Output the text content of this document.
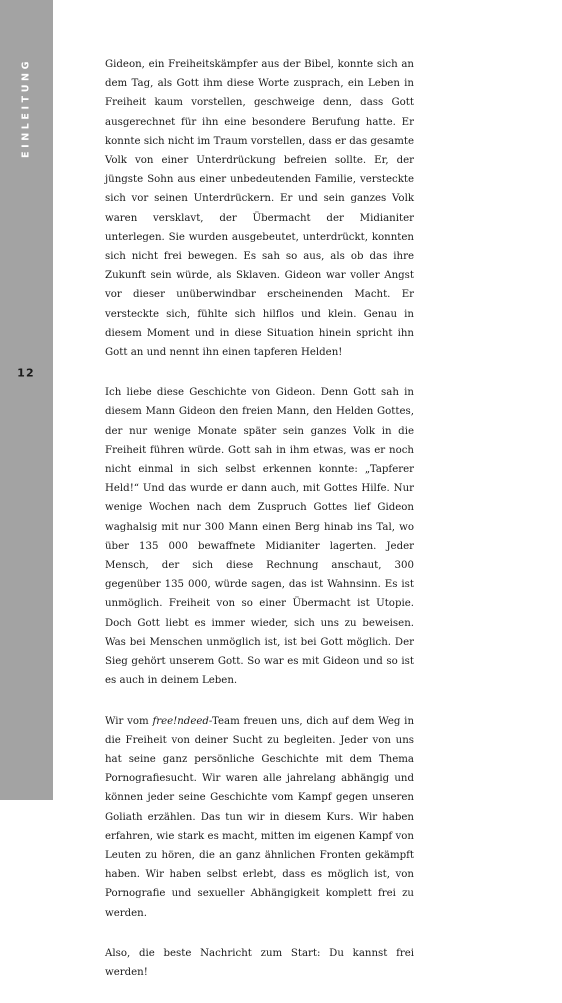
EINLEITUNG
12

Gideon, ein Freiheitskämpfer aus der Bibel, konnte sich an dem Tag, als Gott ihm diese Worte zusprach, ein Leben in Freiheit kaum vorstellen, geschweige denn, dass Gott ausgerechnet für ihn eine besondere Berufung hatte. Er konnte sich nicht im Traum vorstellen, dass er das gesamte Volk von einer Unterdrückung befreien sollte. Er, der jüngste Sohn aus einer unbedeutenden Familie, versteckte sich vor seinen Unterdrückern. Er und sein ganzes Volk waren versklavt, der Übermacht der Midianiter unterlegen. Sie wurden ausgebeutet, unterdrückt, konnten sich nicht frei bewegen. Es sah so aus, als ob das ihre Zukunft sein würde, als Sklaven. Gideon war voller Angst vor dieser unüberwindbar erscheinenden Macht. Er versteckte sich, fühlte sich hilflos und klein. Genau in diesem Moment und in diese Situation hinein spricht ihn Gott an und nennt ihn einen tapferen Helden!

Ich liebe diese Geschichte von Gideon. Denn Gott sah in diesem Mann Gideon den freien Mann, den Helden Gottes, der nur wenige Monate später sein ganzes Volk in die Freiheit führen würde. Gott sah in ihm etwas, was er noch nicht einmal in sich selbst erkennen konnte: „Tapferer Held!“ Und das wurde er dann auch, mit Gottes Hilfe. Nur wenige Wochen nach dem Zuspruch Gottes lief Gideon waghalsig mit nur 300 Mann einen Berg hinab ins Tal, wo über 135 000 bewaffnete Midianiter lagerten. Jeder Mensch, der sich diese Rechnung anschaut, 300 gegenüber 135 000, würde sagen, das ist Wahnsinn. Es ist unmöglich. Freiheit von so einer Übermacht ist Utopie. Doch Gott liebt es immer wieder, sich uns zu beweisen. Was bei Menschen unmöglich ist, ist bei Gott möglich. Der Sieg gehört unserem Gott. So war es mit Gideon und so ist es auch in deinem Leben.

Wir vom free!ndeed-Team freuen uns, dich auf dem Weg in die Freiheit von deiner Sucht zu begleiten. Jeder von uns hat seine ganz persönliche Geschichte mit dem Thema Pornografiesucht. Wir waren alle jahrelang abhängig und können jeder seine Geschichte vom Kampf gegen unseren Goliath erzählen. Das tun wir in diesem Kurs. Wir haben erfahren, wie stark es macht, mitten im eigenen Kampf von Leuten zu hören, die an ganz ähnlichen Fronten gekämpft haben. Wir haben selbst erlebt, dass es möglich ist, von Pornografie und sexueller Abhängigkeit komplett frei zu werden.

Also, die beste Nachricht zum Start: Du kannst frei werden!
